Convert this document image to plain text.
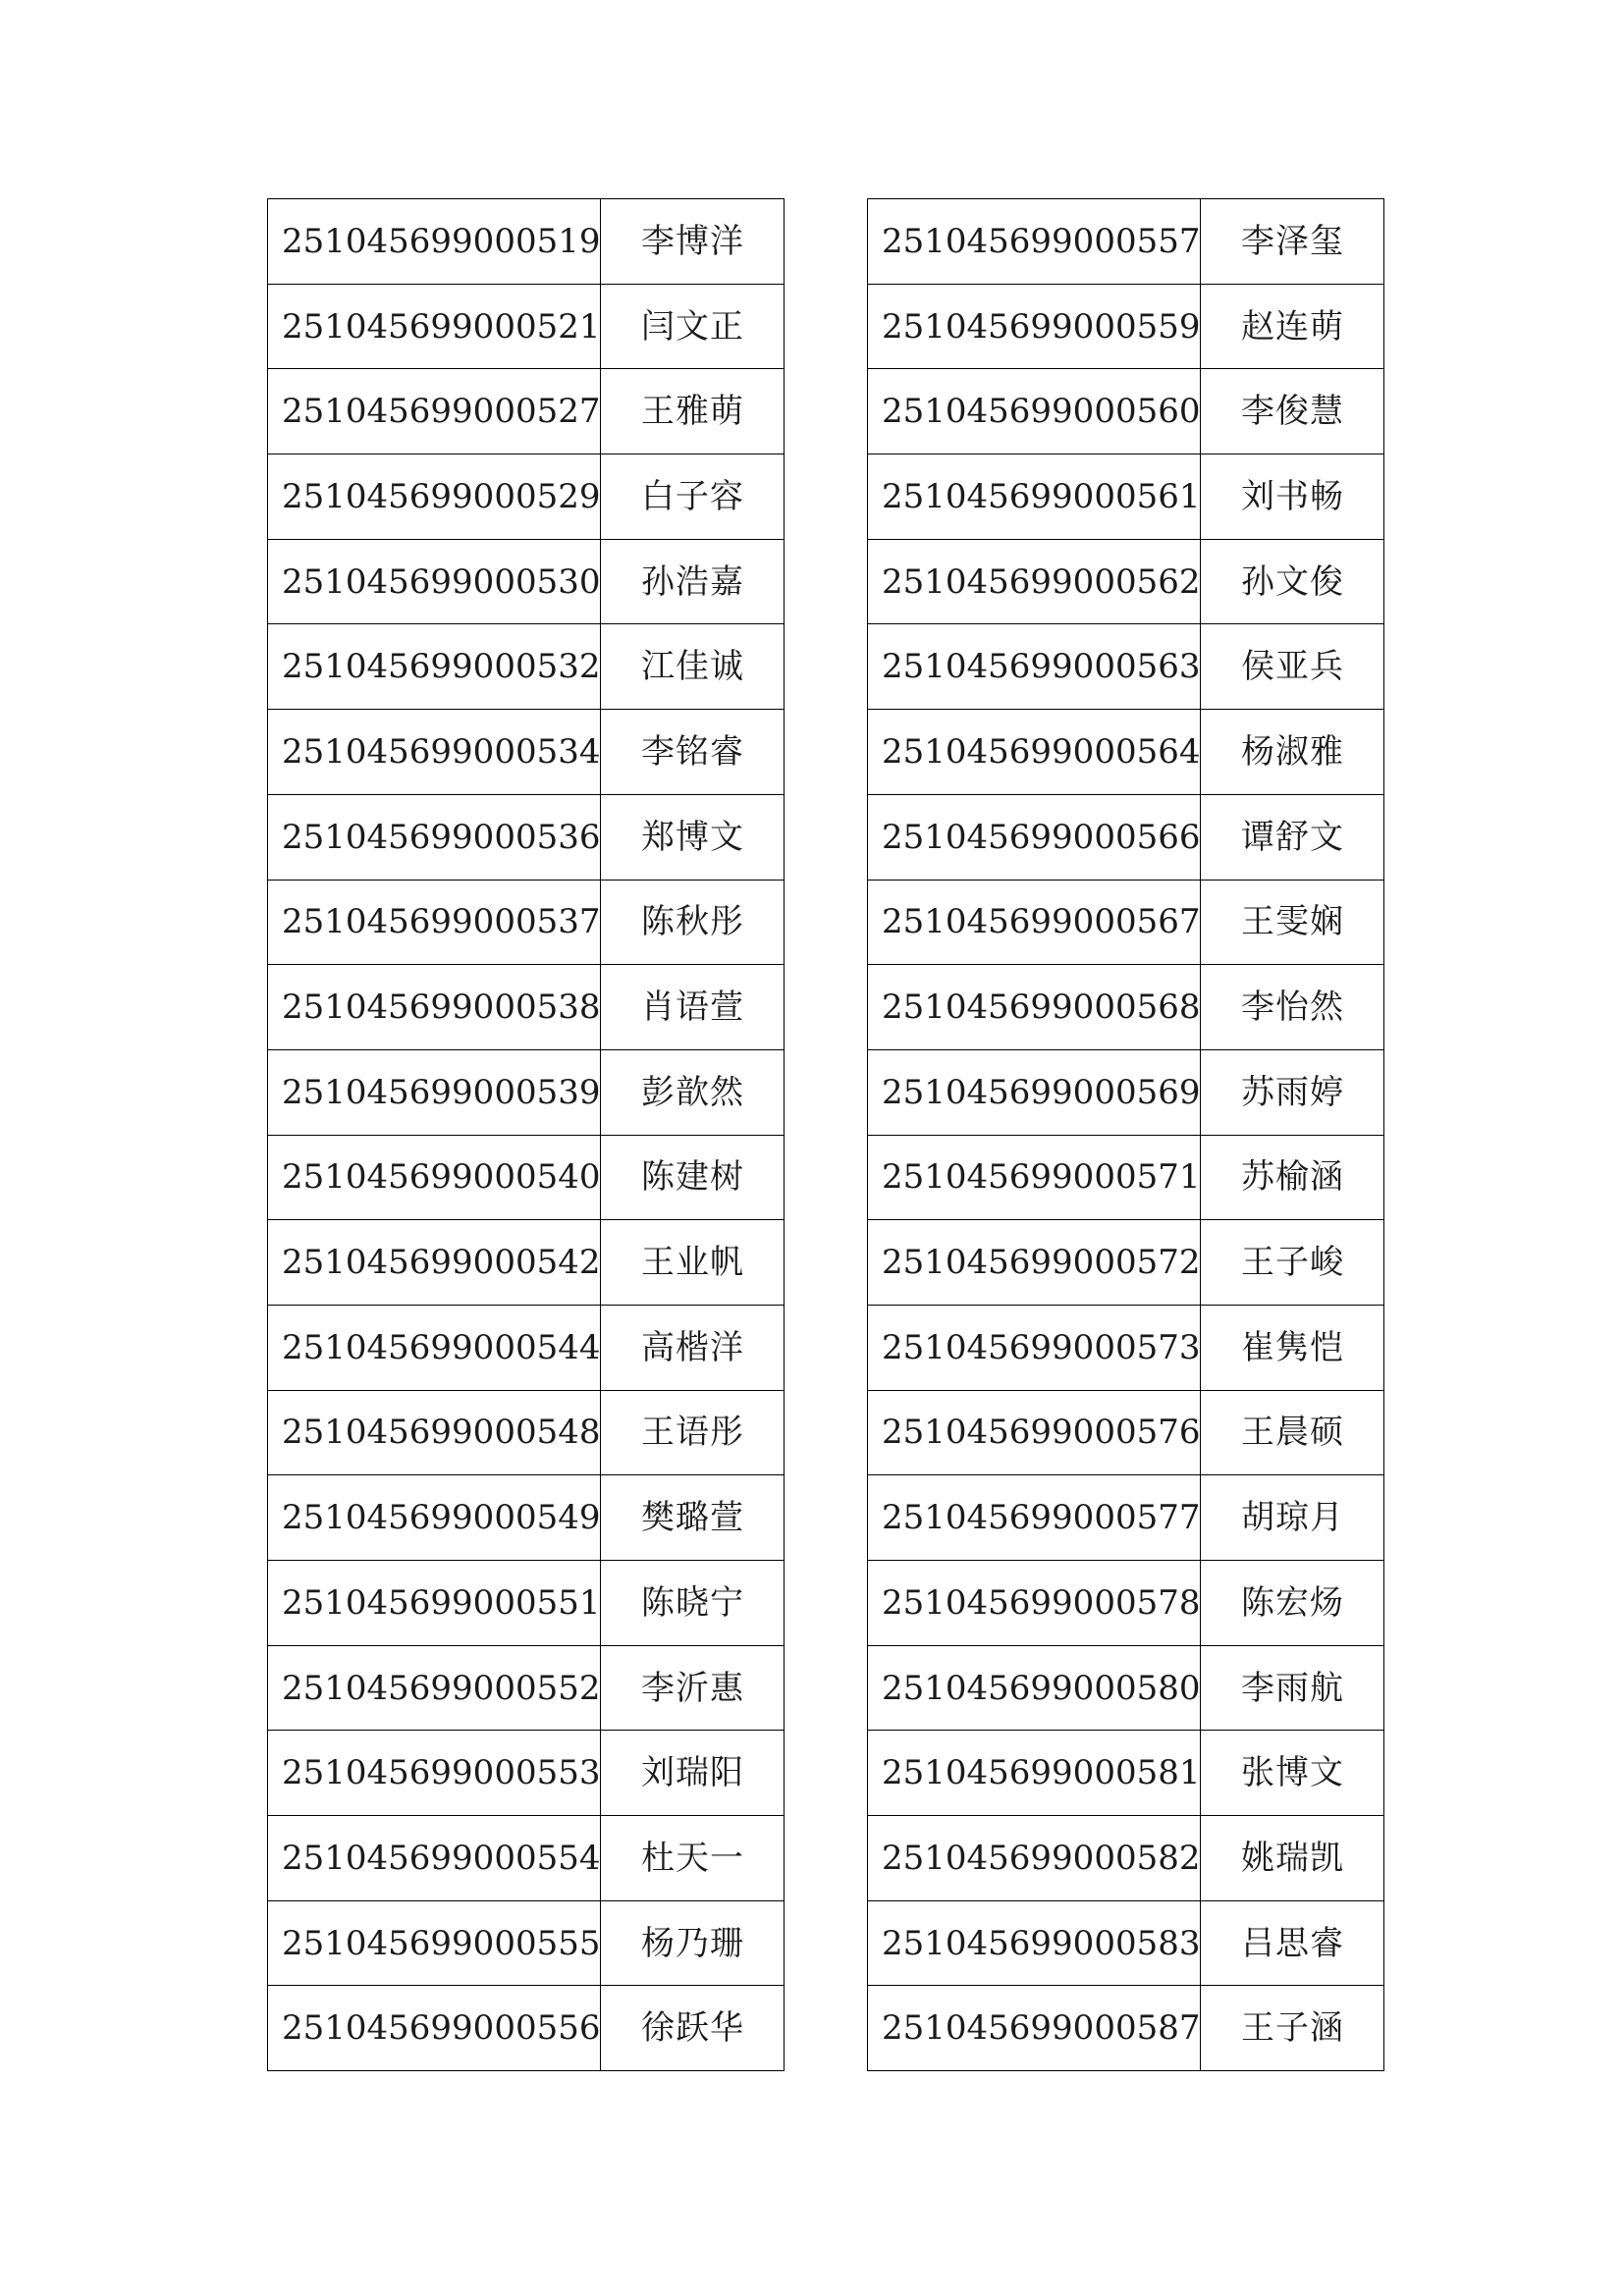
251045699000519	李博洋
251045699000521	闫文正
251045699000527	王雅萌
251045699000529	白子容
251045699000530	孙浩嘉
251045699000532	江佳诚
251045699000534	李铭睿
251045699000536	郑博文
251045699000537	陈秋彤
251045699000538	肖语萱
251045699000539	彭歆然
251045699000540	陈建树
251045699000542	王业帆
251045699000544	高楷洋
251045699000548	王语彤
251045699000549	樊璐萱
251045699000551	陈晓宁
251045699000552	李沂惠
251045699000553	刘瑞阳
251045699000554	杜天一
251045699000555	杨乃珊
251045699000556	徐跃华
251045699000557	李泽玺
251045699000559	赵连萌
251045699000560	李俊慧
251045699000561	刘书畅
251045699000562	孙文俊
251045699000563	侯亚兵
251045699000564	杨淑雅
251045699000566	谭舒文
251045699000567	王雯娴
251045699000568	李怡然
251045699000569	苏雨婷
251045699000571	苏榆涵
251045699000572	王子峻
251045699000573	崔隽恺
251045699000576	王晨硕
251045699000577	胡琼月
251045699000578	陈宏炀
251045699000580	李雨航
251045699000581	张博文
251045699000582	姚瑞凯
251045699000583	吕思睿
251045699000587	王子涵
